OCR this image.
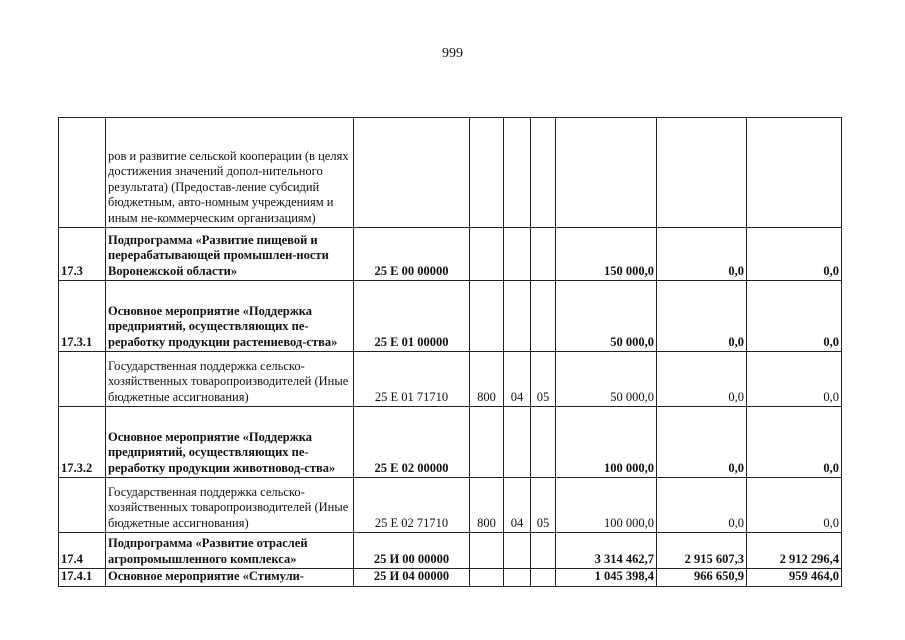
999
	ров и развитие сельской кооперации (в целях достижения значений допол-нительного результата) (Предостав-ление субсидий бюджетным, авто-номным учреждениям и иным не-коммерческим организациям)							
17.3	Подпрограмма «Развитие пищевой и перерабатывающей промышлен-ности Воронежской области»	25 Е 00 00000				150 000,0	0,0	0,0
17.3.1	Основное мероприятие «Поддержка предприятий, осуществляющих пе-реработку продукции растениевод-ства»	25 Е 01 00000				50 000,0	0,0	0,0
	Государственная поддержка сельско-хозяйственных товаропроизводителей (Иные бюджетные ассигнования)	25 Е 01 71710	800	04	05	50 000,0	0,0	0,0
17.3.2	Основное мероприятие «Поддержка предприятий, осуществляющих пе-реработку продукции животновод-ства»	25 Е 02 00000				100 000,0	0,0	0,0
	Государственная поддержка сельско-хозяйственных товаропроизводителей (Иные бюджетные ассигнования)	25 Е 02 71710	800	04	05	100 000,0	0,0	0,0
17.4	Подпрограмма «Развитие отраслей агропромышленного комплекса»	25 И 00 00000				3 314 462,7	2 915 607,3	2 912 296,4
17.4.1	Основное мероприятие «Стимули-	25 И 04 00000				1 045 398,4	966 650,9	959 464,0
